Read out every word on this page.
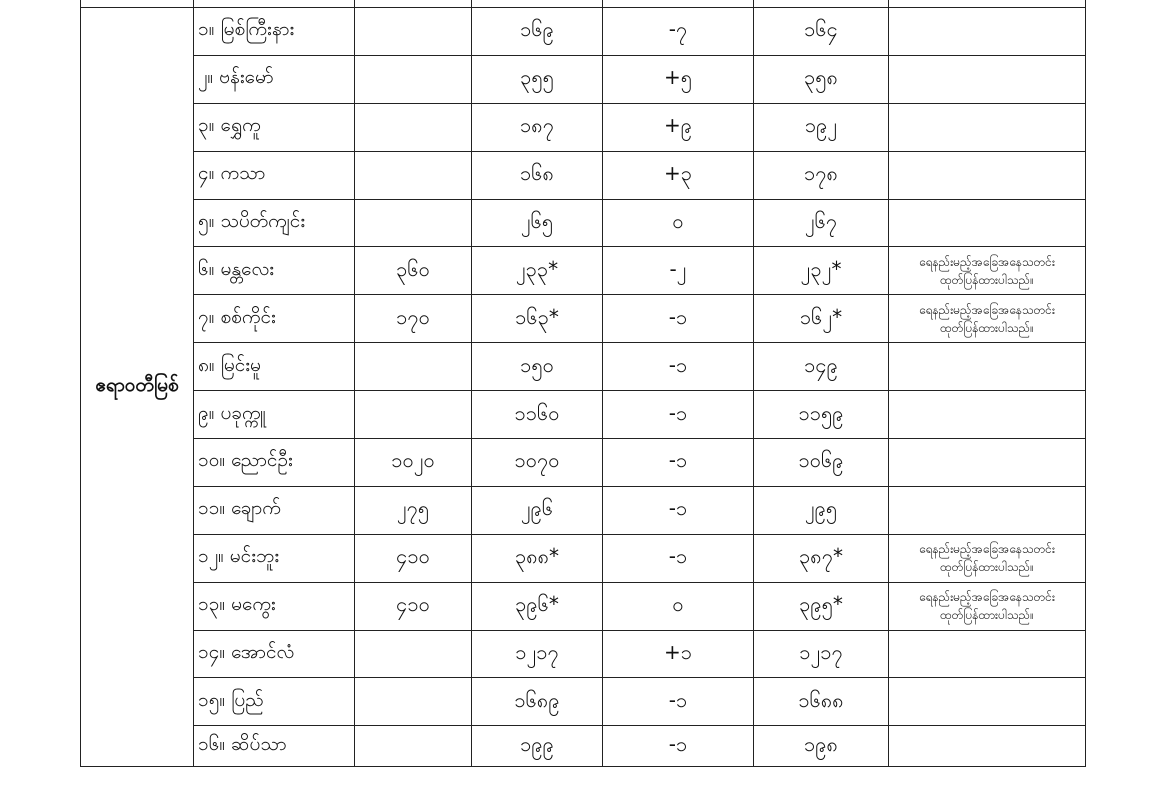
ဧရာဝတီမြစ်	၁။ မြစ်ကြီးနား		၁၆၉	-၇	၁၆၄	

	၂။ ဗန်းမော်		၃၅၅	+၅	၃၅၈	

	၃။ ရွှေကူ		၁၈၇	+၉	၁၉၂	

	၄။ ကသာ		၁၆၈	+၃	၁၇၈	

	၅။ သပိတ်ကျင်း		၂၆၅	၀	၂၆၇	

	၆။ မန္တလေး	၃၆၀	၂၃၃*	-၂	၂၃၂*	ရေနည်းမည့်အခြေအနေသတင်း
ထုတ်ပြန်ထားပါသည်။

	၇။ စစ်ကိုင်း	၁၇၀	၁၆၃*	-၁	၁၆၂*	ရေနည်းမည့်အခြေအနေသတင်း
ထုတ်ပြန်ထားပါသည်။

	၈။ မြင်းမူ		၁၅၀	-၁	၁၄၉	

	၉။ ပခုက္ကူ		၁၁၆၀	-၁	၁၁၅၉	

	၁၀။ ညောင်ဦး	၁၀၂၀	၁၀၇၀	-၁	၁၀၆၉	

	၁၁။ ချောက်	၂၇၅	၂၉၆	-၁	၂၉၅	

	၁၂။ မင်းဘူး	၄၁၀	၃၈၈*	-၁	၃၈၇*	ရေနည်းမည့်အခြေအနေသတင်း
ထုတ်ပြန်ထားပါသည်။

	၁၃။ မကွေး	၄၁၀	၃၉၆*	၀	၃၉၅*	ရေနည်းမည့်အခြေအနေသတင်း
ထုတ်ပြန်ထားပါသည်။

	၁၄။ အောင်လံ		၁၂၁၇	+၁	၁၂၁၇	

	၁၅။ ပြည်		၁၆၈၉	-၁	၁၆၈၈	

	၁၆။ ဆိပ်သာ		၁၉၉	-၁	၁၉၈	
